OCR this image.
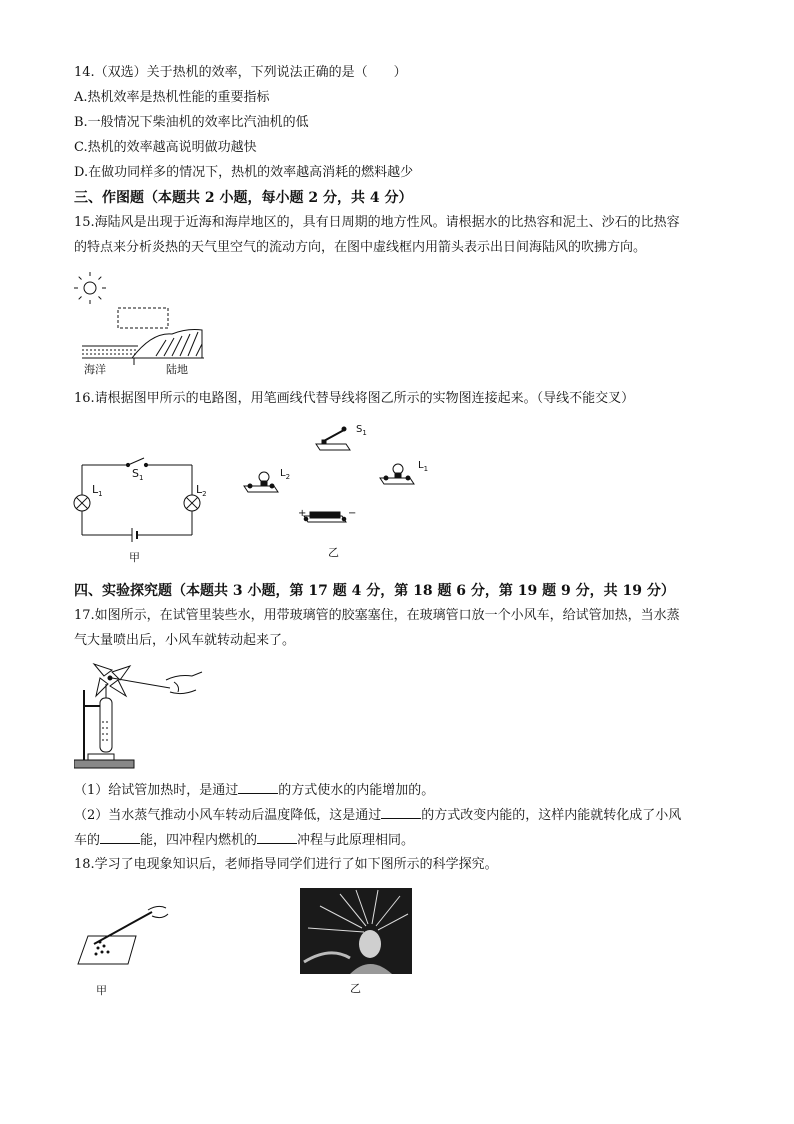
14.（双选）关于热机的效率，下列说法正确的是（　　）
A.热机效率是热机性能的重要指标
B.一般情况下柴油机的效率比汽油机的低
C.热机的效率越高说明做功越快
D.在做功同样多的情况下，热机的效率越高消耗的燃料越少
三、作图题（本题共 2 小题，每小题 2 分，共 4 分）
15.海陆风是出现于近海和海岸地区的，具有日周期的地方性风。请根据水的比热容和泥土、沙石的比热容
的特点来分析炎热的天气里空气的流动方向，在图中虚线框内用箭头表示出日间海陆风的吹拂方向。
海洋	陆地
16.请根据图甲所示的电路图，用笔画线代替导线将图乙所示的实物图连接起来。（导线不能交叉）
$S_1$
$L_1$	$L_2$
甲
$S_1$
$L_2$
$L_1$
+	−
乙
四、实验探究题（本题共 3 小题，第 17 题 4 分，第 18 题 6 分，第 19 题 9 分，共 19 分）
17.如图所示，在试管里装些水，用带玻璃管的胶塞塞住，在玻璃管口放一个小风车，给试管加热，当水蒸
气大量喷出后，小风车就转动起来了。
（1）给试管加热时，是通过	的方式使水的内能增加的。
（2）当水蒸气推动小风车转动后温度降低，这是通过	的方式改变内能的，这样内能就转化成了小风
车的	能，四冲程内燃机的	冲程与此原理相同。
18.学习了电现象知识后，老师指导同学们进行了如下图所示的科学探究。
甲	乙
